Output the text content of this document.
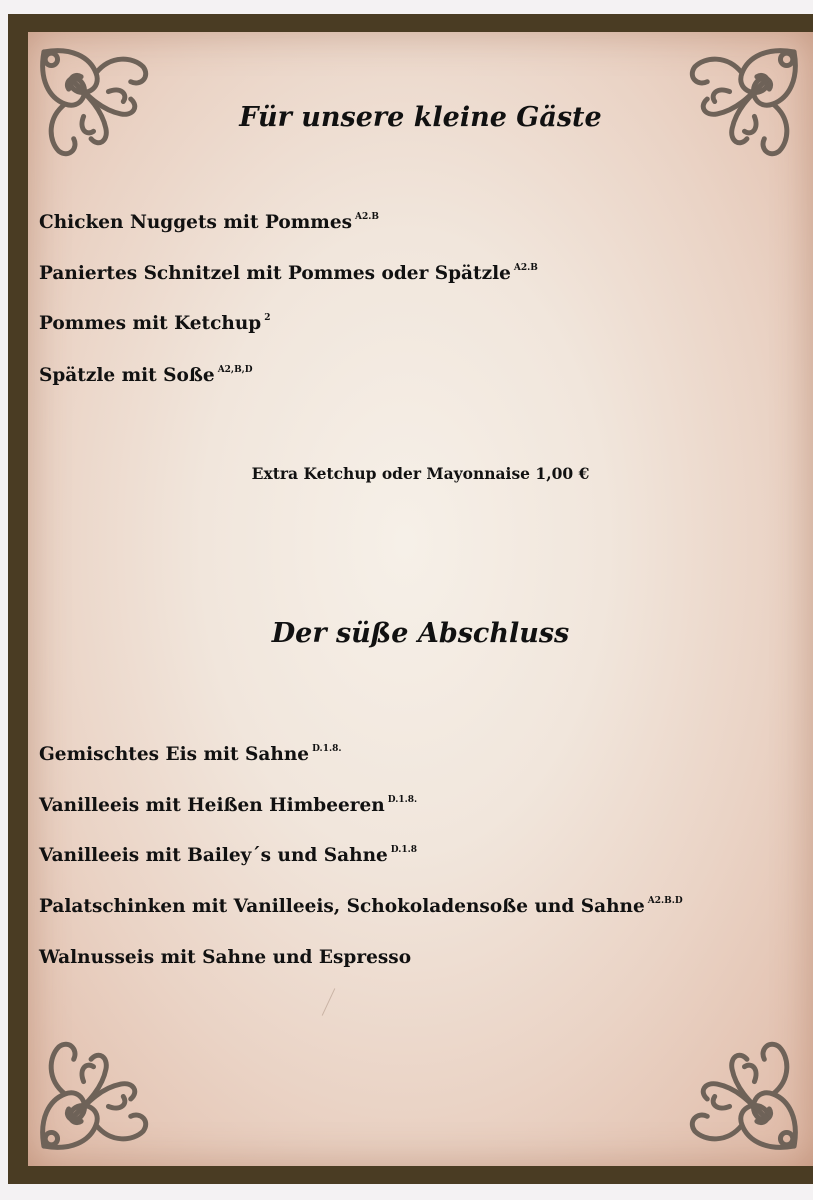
Für unsere kleine Gäste

Chicken Nuggets mit Pommes $^{A2.B}$

Paniertes Schnitzel mit Pommes oder Spätzle $^{A2.B}$

Pommes mit Ketchup $^2$

Spätzle mit Soße $^{A2,B,D}$

Extra Ketchup oder Mayonnaise 1,00 €

Der süße Abschluss

Gemischtes Eis mit Sahne $^{D.1.8.}$

Vanilleeis mit Heißen Himbeeren $^{D.1.8.}$

Vanilleeis mit Bailey´s und Sahne $^{D.1.8}$

Palatschinken mit Vanilleeis, Schokoladensoße und Sahne $^{A2.B.D}$

Walnusseis mit Sahne und Espresso
